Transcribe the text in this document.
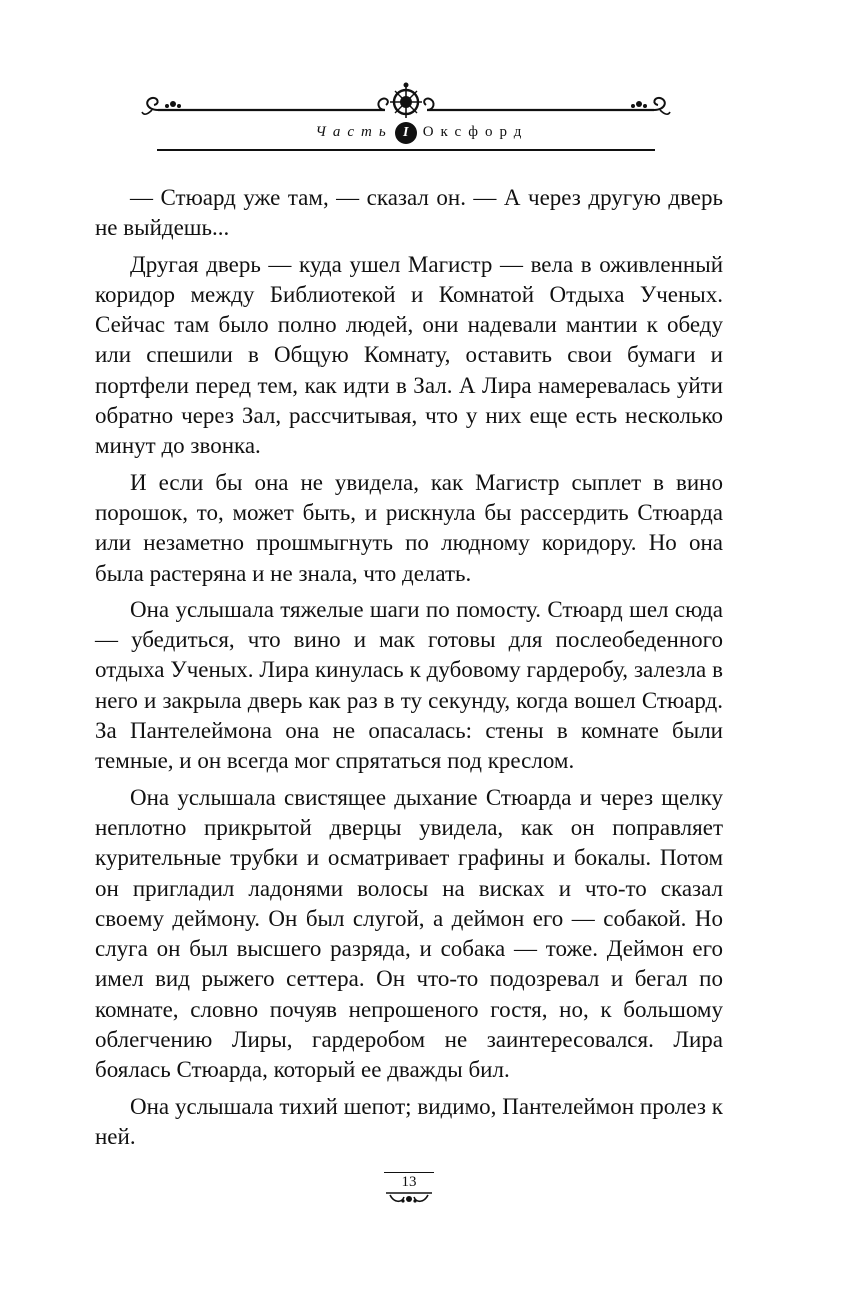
Часть I Оксфорд

— Стюард уже там, — сказал он. — А через другую дверь не выйдешь...

Другая дверь — куда ушел Магистр — вела в оживленный коридор между Библиотекой и Комнатой Отдыха Ученых. Сейчас там было полно людей, они надевали мантии к обеду или спешили в Общую Комнату, оставить свои бумаги и портфели перед тем, как идти в Зал. А Лира намеревалась уйти обратно через Зал, рассчитывая, что у них еще есть несколько минут до звонка.

И если бы она не увидела, как Магистр сыплет в вино порошок, то, может быть, и рискнула бы рассердить Стюарда или незаметно прошмыгнуть по людному коридору. Но она была растеряна и не знала, что делать.

Она услышала тяжелые шаги по помосту. Стюард шел сюда — убедиться, что вино и мак готовы для послеобеденного отдыха Ученых. Лира кинулась к дубовому гардеробу, залезла в него и закрыла дверь как раз в ту секунду, когда вошел Стюард. За Пантелеймона она не опасалась: стены в комнате были темные, и он всегда мог спрятаться под креслом.

Она услышала свистящее дыхание Стюарда и через щелку неплотно прикрытой дверцы увидела, как он поправляет курительные трубки и осматривает графины и бокалы. Потом он пригладил ладонями волосы на висках и что-то сказал своему деймону. Он был слугой, а деймон его — собакой. Но слуга он был высшего разряда, и собака — тоже. Деймон его имел вид рыжего сеттера. Он что-то подозревал и бегал по комнате, словно почуяв непрошеного гостя, но, к большому облегчению Лиры, гардеробом не заинтересовался. Лира боялась Стюарда, который ее дважды бил.

Она услышала тихий шепот; видимо, Пантелеймон пролез к ней.

13
